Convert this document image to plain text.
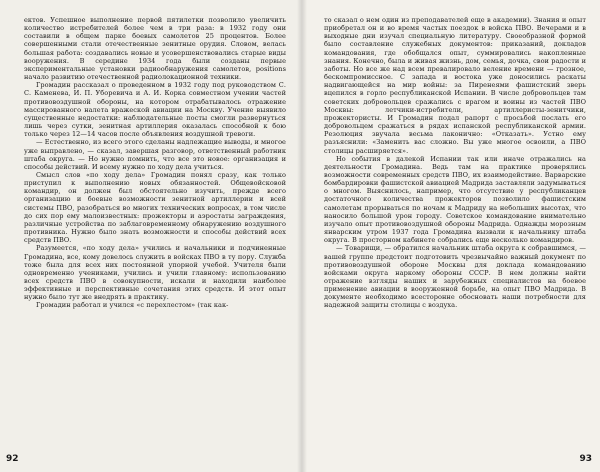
ектов. Успешное выполнение первой пятилетки позволило увеличить количество истребителей более чем в три раза: в 1932 году они составили в общем парке боевых самолетов 25 процентов. Более совершенными стали отечественные зенитные орудия. Словом, велась большая работа: создавались новые и усовершенствовались старые виды вооружения. В середине 1934 года были созданы первые экспериментальные установки радиообнаружения самолетов, positions начало развитию отечественной радиолокационной техники.

Громадин рассказал о проведенном в 1932 году под руководством С. С. Каменева, И. П. Уборевича и А. И. Корка совместном учении частей противовоздушной обороны, на котором отрабатывалось отражение массированного налета вражеской авиации на Москву. Учение выявило существенные недостатки: наблюдательные посты смогли развернуться лишь через сутки, зенитная артиллерия оказалась способной к бою только через 12—14 часов после объявления воздушной тревоги.

— Естественно, из всего этого сделаны надлежащие выводы, и многое уже выправлено, — сказал, завершая разговор, ответственный работник штаба округа. — Но нужно помнить, что все это новое: организация и способы действий. И всему нужно по ходу дела учиться.

Смысл слов «по ходу дела» Громадин понял сразу, как только приступил к выполнению новых обязанностей. Общевойсковой командир, он должен был обстоятельно изучить, прежде всего организацию и боевые возможности зенитной артиллерии и всей системы ПВО, разобраться во многих технических вопросах, в том числе до сих пор ему малоизвестных: прожекторы и аэростаты заграждения, различные устройства по заблаговременному обнаружению воздушного противника. Нужно было знать возможности и способы действий всех средств ПВО.

Разумеется, «по ходу дела» учились и начальники и подчиненные Громадина, все, кому довелось служить в войсках ПВО в ту пору. Служба тоже была для всех них постоянной упорной учебой. Учителя были одновременно учениками, учились и учили главному: использованию всех средств ПВО в совокупности, искали и находили наиболее эффективные и перспективные сочетания этих средств. И этот опыт нужно было тут же внедрять в практику.

Громадин работал и учился «с перехлестом» (так как-

92

то сказал о нем один из преподавателей еще в академии). Знания и опыт приобретал он и во время частых поездок в войска ПВО. Вечерами и в выходные дни изучал специальную литературу. Своеобразной формой было составление служебных документов: приказаний, докладов командования, где обобщался опыт, суммировались накопленные знания. Конечно, была и живая жизнь, дом, семья, дочка, свои радости и заботы. Но все же над всем превалировало веление времени — грозное, бескомпромиссное. С запада и востока уже доносились раскаты надвигающейся на мир войны: за Пиренеями фашистский зверь вцепился в горло республиканской Испании. В числе добровольцев там советских добровольцев сражались с врагом и воины из частей ПВО Москвы: летчики-истребители, артиллеристы-зенитчики, прожектористы. И Громадин подал рапорт с просьбой послать его добровольцем сражаться в рядах испанской республиканской армии. Резолюция звучала весьма лаконично: «Отказать». Устно ему разъяснили: «Заменить вас сложно. Вы уже многое освоили, а ПВО столицы расширяется».

Но события в далекой Испании так или иначе отражались на деятельности Громадина. Ведь там на практике проверялись возможности современных средств ПВО, их взаимодействие. Варварские бомбардировки фашистской авиацией Мадрида заставляли задумываться о многом. Выяснилось, например, что отсутствие у республиканцев достаточного количества прожекторов позволило фашистским самолетам прорываться по ночам к Мадриду на небольших высотах, что наносило большой урон городу. Советское командование внимательно изучало опыт противовоздушной обороны Мадрида. Однажды морозным январским утром 1937 года Громадина вызвали к начальнику штаба округа. В просторном кабинете собрались еще несколько командиров.

— Товарищи, — обратился начальник штаба округа к собравшимся, — вашей группе предстоит подготовить чрезвычайно важный документ по противовоздушной обороне Москвы для доклада командованию войсками округа наркому обороны СССР. В нем должны найти отражение взгляды наших и зарубежных специалистов на боевое применение авиации в вооруженной борьбе, на опыт ПВО Мадрида. В документе необходимо всесторонне обосновать наши потребности для надежной защиты столицы с воздуха.

93
